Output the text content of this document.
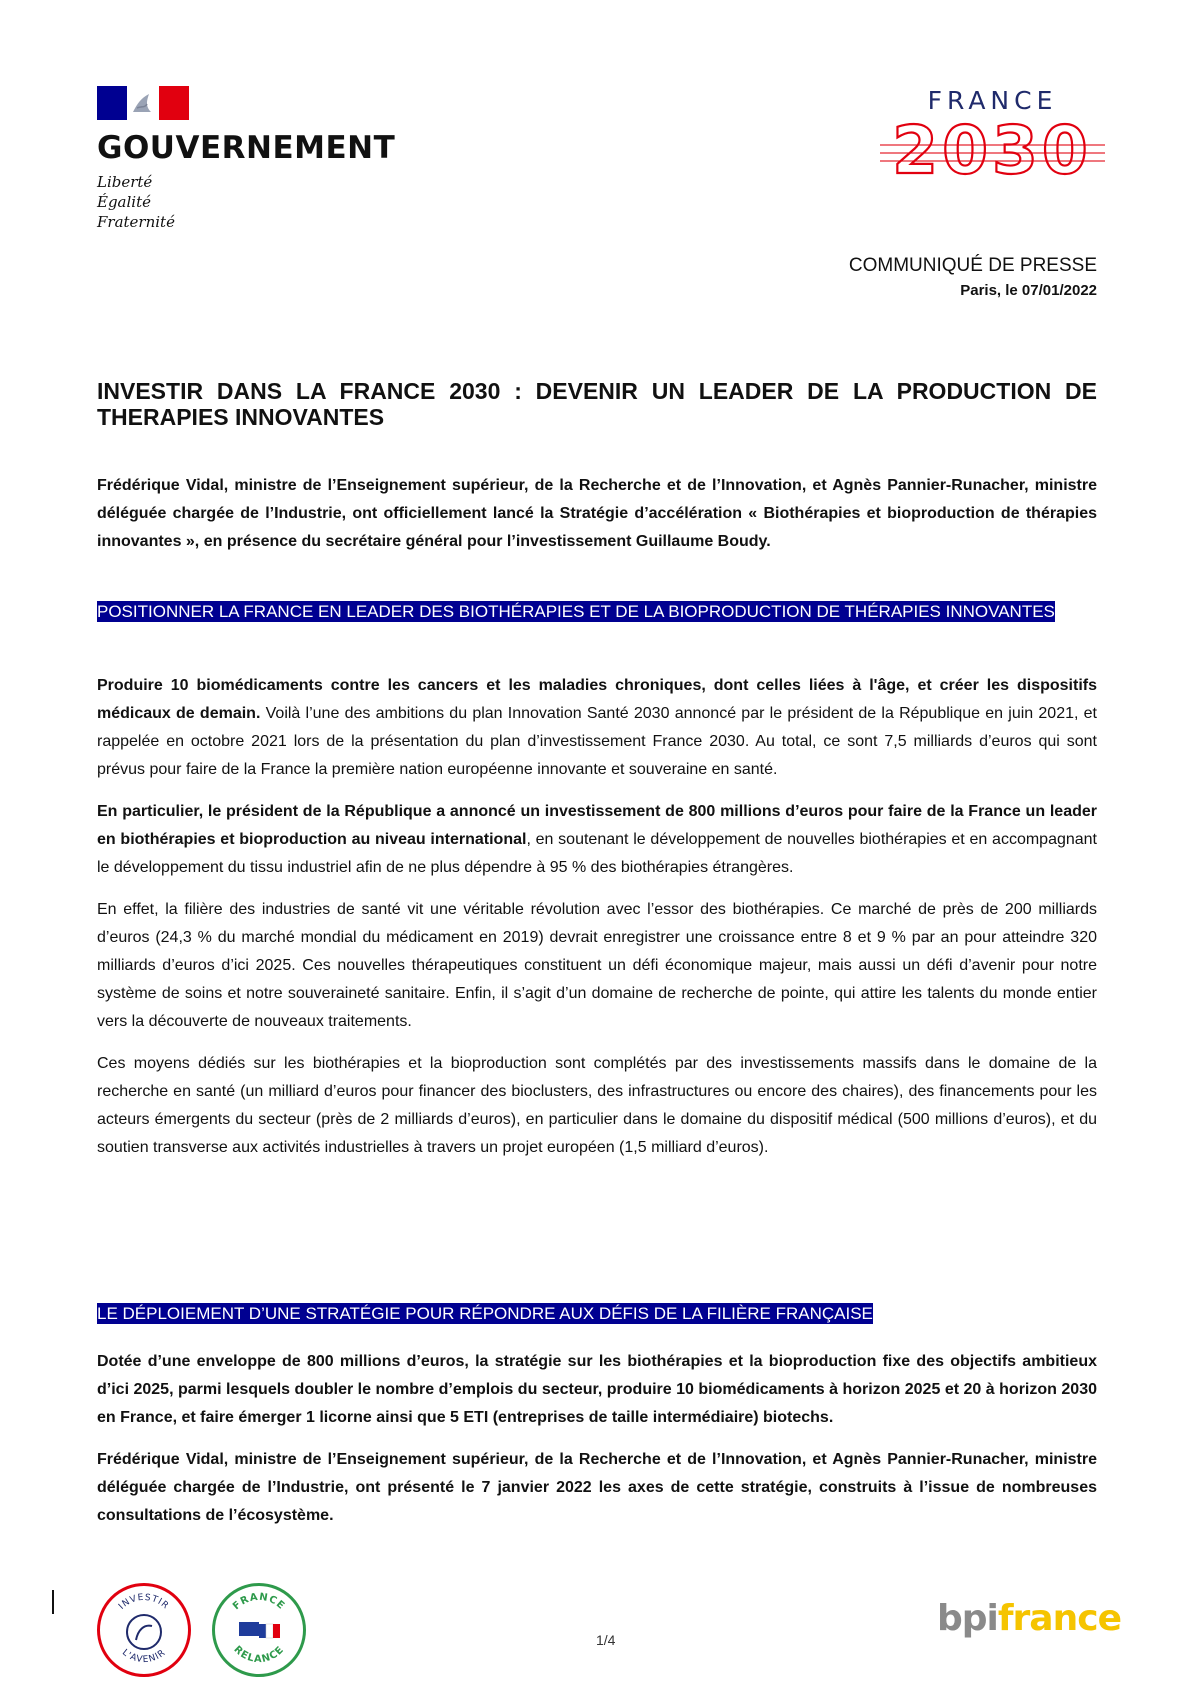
GOUVERNEMENT
Liberté
Égalité
Fraternité
FRANCE
2030
COMMUNIQUÉ DE PRESSE
Paris, le 07/01/2022
INVESTIR DANS LA FRANCE 2030 : DEVENIR UN LEADER DE LA PRODUCTION DE THERAPIES INNOVANTES
Frédérique Vidal, ministre de l’Enseignement supérieur, de la Recherche et de l’Innovation, et Agnès Pannier-Runacher, ministre déléguée chargée de l’Industrie, ont officiellement lancé la Stratégie d’accélération « Biothérapies et bioproduction de thérapies innovantes », en présence du secrétaire général pour l’investissement Guillaume Boudy.
POSITIONNER LA FRANCE EN LEADER DES BIOTHÉRAPIES ET DE LA BIOPRODUCTION DE THÉRAPIES INNOVANTES

Produire 10 biomédicaments contre les cancers et les maladies chroniques, dont celles liées à l'âge, et créer les dispositifs médicaux de demain. Voilà l’une des ambitions du plan Innovation Santé 2030 annoncé par le président de la République en juin 2021, et rappelée en octobre 2021 lors de la présentation du plan d’investissement France 2030. Au total, ce sont 7,5 milliards d’euros qui sont prévus pour faire de la France la première nation européenne innovante et souveraine en santé.

En particulier, le président de la République a annoncé un investissement de 800 millions d’euros pour faire de la France un leader en biothérapies et bioproduction au niveau international, en soutenant le développement de nouvelles biothérapies et en accompagnant le développement du tissu industriel afin de ne plus dépendre à 95 % des biothérapies étrangères.

En effet, la filière des industries de santé vit une véritable révolution avec l’essor des biothérapies. Ce marché de près de 200 milliards d’euros (24,3 % du marché mondial du médicament en 2019) devrait enregistrer une croissance entre 8 et 9 % par an pour atteindre 320 milliards d’euros d’ici 2025. Ces nouvelles thérapeutiques constituent un défi économique majeur, mais aussi un défi d’avenir pour notre système de soins et notre souveraineté sanitaire. Enfin, il s’agit d’un domaine de recherche de pointe, qui attire les talents du monde entier vers la découverte de nouveaux traitements.

Ces moyens dédiés sur les biothérapies et la bioproduction sont complétés par des investissements massifs dans le domaine de la recherche en santé (un milliard d’euros pour financer des bioclusters, des infrastructures ou encore des chaires), des financements pour les acteurs émergents du secteur (près de 2 milliards d’euros), en particulier dans le domaine du dispositif médical (500 millions d’euros), et du soutien transverse aux activités industrielles à travers un projet européen (1,5 milliard d’euros).

LE DÉPLOIEMENT D’UNE STRATÉGIE POUR RÉPONDRE AUX DÉFIS DE LA FILIÈRE FRANÇAISE

Dotée d’une enveloppe de 800 millions d’euros, la stratégie sur les biothérapies et la bioproduction fixe des objectifs ambitieux d’ici 2025, parmi lesquels doubler le nombre d’emplois du secteur, produire 10 biomédicaments à horizon 2025 et 20 à horizon 2030 en France, et faire émerger 1 licorne ainsi que 5 ETI (entreprises de taille intermédiaire) biotechs.

Frédérique Vidal, ministre de l’Enseignement supérieur, de la Recherche et de l’Innovation, et Agnès Pannier-Runacher, ministre déléguée chargée de l’Industrie, ont présenté le 7 janvier 2022 les axes de cette stratégie, construits à l’issue de nombreuses consultations de l’écosystème.

INVESTIR
L'AVENIR
FRANCE
RELANCE
1/4
bpifrance
